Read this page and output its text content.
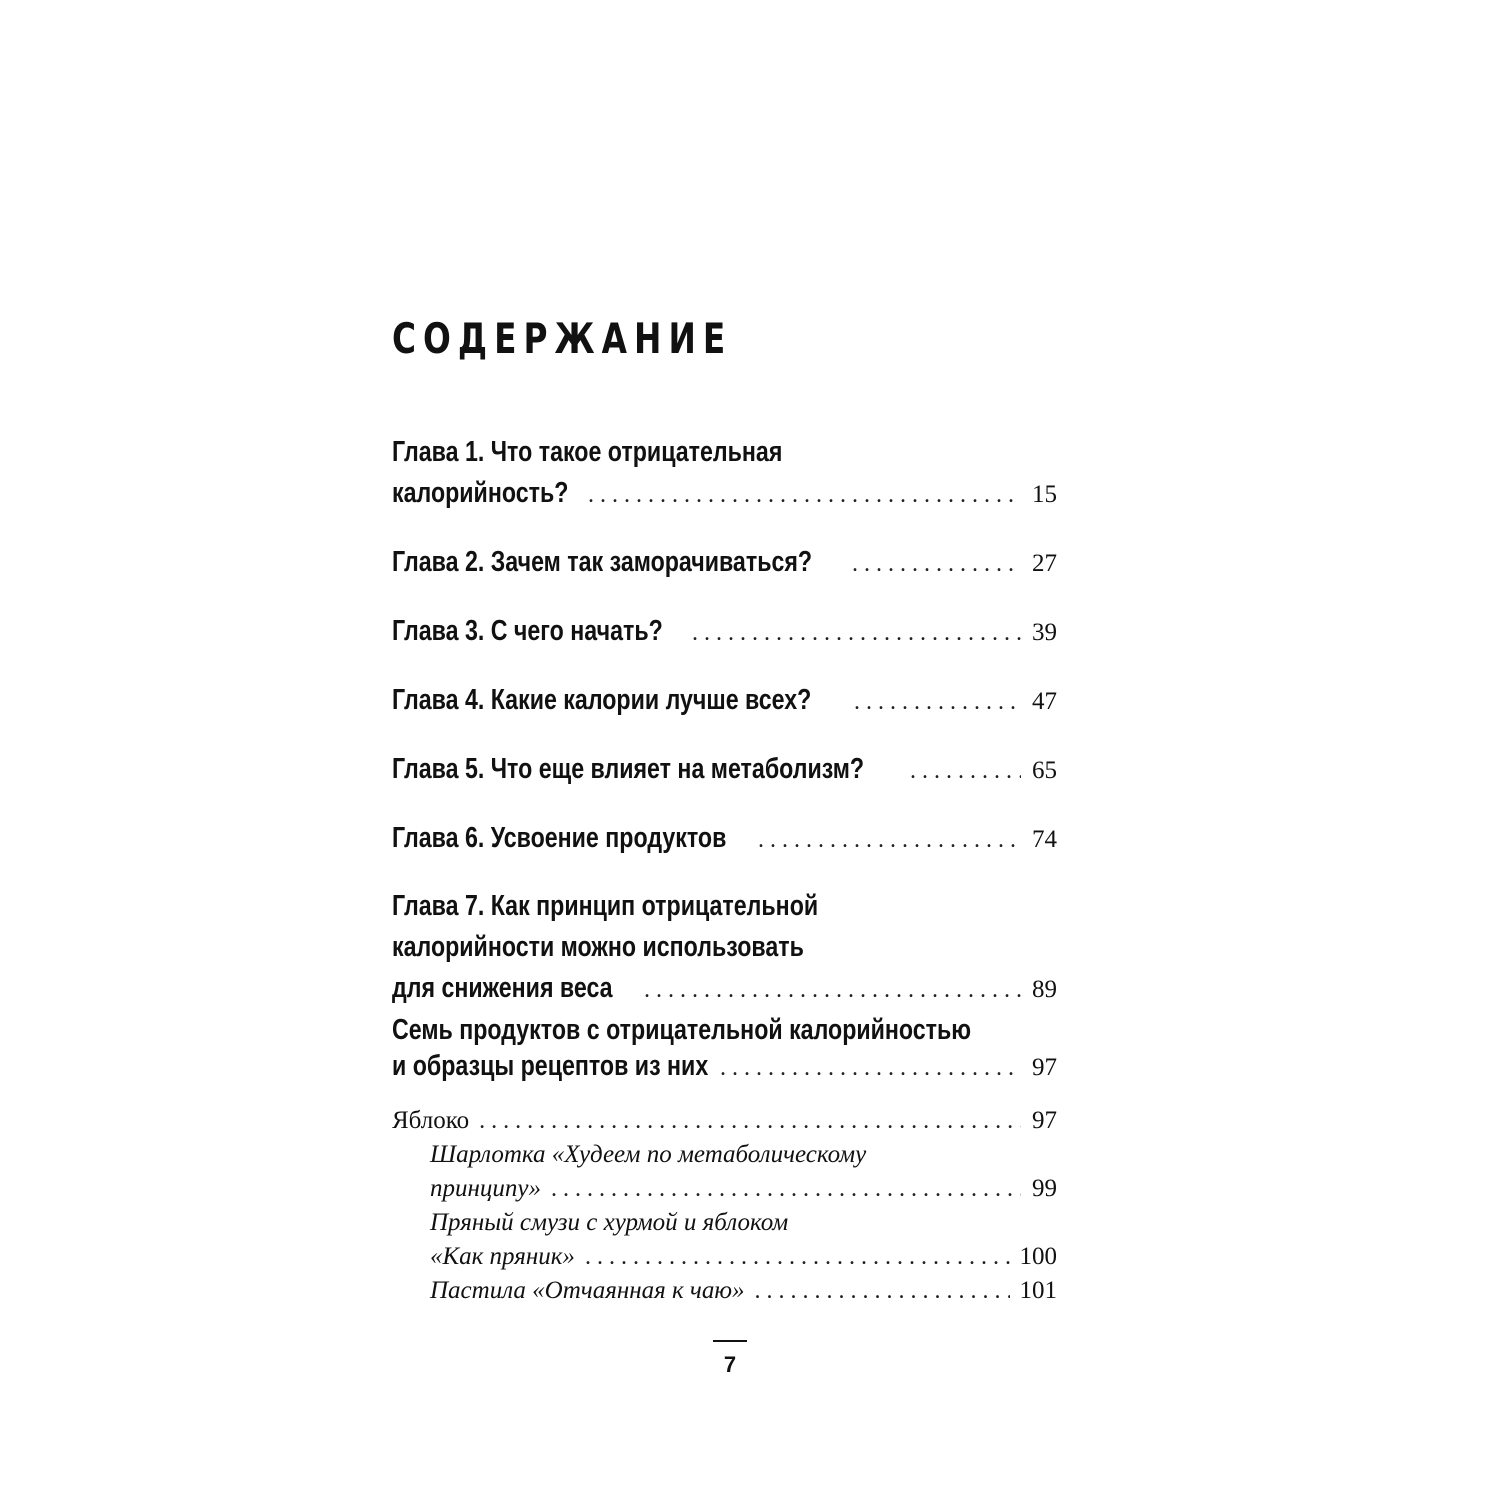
СОДЕРЖАНИЕ
Глава 1. Что такое отрицательная
калорийность? . . .	15
Глава 2. Зачем так заморачиваться? . . .	27
Глава 3. С чего начать? . . .	39
Глава 4. Какие калории лучше всех? . . .	47
Глава 5. Что еще влияет на метаболизм? . . .	65
Глава 6. Усвоение продуктов . . .	74
Глава 7. Как принцип отрицательной
калорийности можно использовать
для снижения веса . . .	89
Семь продуктов с отрицательной калорийностью
и образцы рецептов из них . . .	97
Яблоко . . .	97
Шарлотка «Худеем по метаболическому
принципу» . . .	99
Пряный смузи с хурмой и яблоком
«Как пряник» . . .	100
Пастила «Отчаянная к чаю» . . .	101
7
